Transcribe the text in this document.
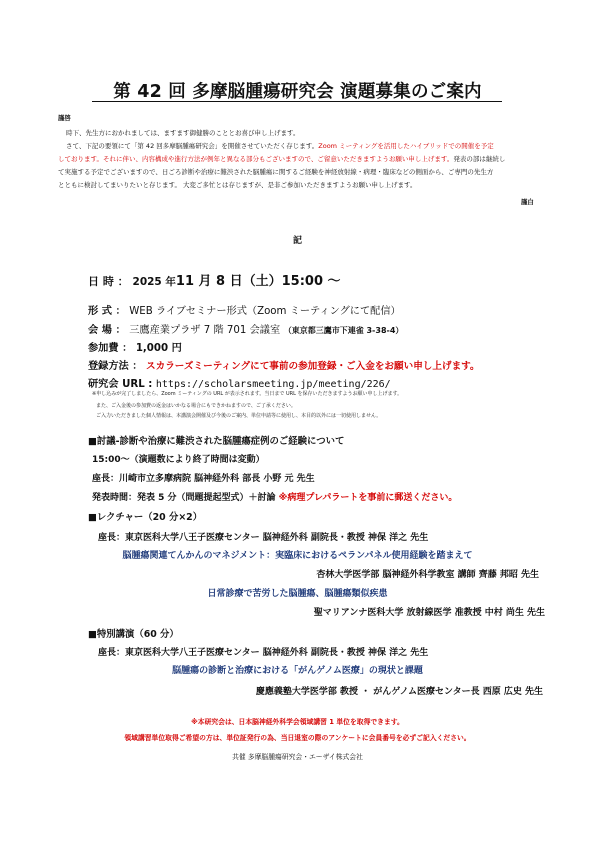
第 42 回 多摩脳腫瘍研究会 演題募集のご案内
謹啓
時下、先生方におかれましては、ますます御健勝のこととお喜び申し上げます。
さて、下記の要領にて「第 42 回多摩脳腫瘍研究会」を開催させていただく存じます。Zoom ミーティングを活用したハイブリッドでの開催を予定
しております。それに伴い、内容構成や進行方法が例年と異なる部分もございますので、ご留意いただきますようお願い申し上げます。発表の部は継続し
て実施する予定でございますので、日ごろ診断や治療に難渋された脳腫瘍に関するご経験を神経放射線・病理・臨床などの側面から、ご専門の先生方
とともに検討してまいりたいと存じます。 大変ご多忙とは存じますが、是非ご参加いただきますようお願い申し上げます。
謹白
記
日 時 ： 2025 年11 月 8 日（土）15:00 ～
形 式 ： WEB ライブセミナー形式（Zoom ミーティングにて配信）
会 場 ： 三鷹産業プラザ 7 階 701 会議室 （東京都三鷹市下連雀 3-38-4）
参加費 ： 1,000 円
登録方法 ： スカラーズミーティングにて事前の参加登録・ご入金をお願い申し上げます。
研究会 URL : https://scholarsmeeting.jp/meeting/226/
※申し込みが完了しましたら、Zoom ミーティングの URL が表示されます。当日まで URL を保存いただきますようお願い申し上げます。
また、ご入金後の参加費の返金はいかなる場合にもできかねますので、ご了承ください。
ご入力いただきました個人情報は、本講演会開催及び今後のご案内、単位申請等に使用し、本目的以外には一切使用しません。
■討議-診断や治療に難渋された脳腫瘍症例のご経験について
15:00～（演題数により終了時間は変動）
座長：川崎市立多摩病院 脳神経外科 部長 小野 元 先生
発表時間：発表 5 分（問題提起型式）＋討論 ※病理プレパラートを事前に郵送ください。
■レクチャー（20 分×2）
座長：東京医科大学八王子医療センター 脳神経外科 副院長・教授 神保 洋之 先生
脳腫瘍関連てんかんのマネジメント：実臨床におけるペランパネル使用経験を踏まえて
杏林大学医学部 脳神経外科学教室 講師 齊藤 邦昭 先生
日常診療で苦労した脳腫瘍、脳腫瘍類似疾患
聖マリアンナ医科大学 放射線医学 准教授 中村 尚生 先生
■特別講演（60 分）
座長：東京医科大学八王子医療センター 脳神経外科 副院長・教授 神保 洋之 先生
脳腫瘍の診断と治療における「がんゲノム医療」の現状と課題
慶應義塾大学医学部 教授 ・ がんゲノム医療センター長 西原 広史 先生
※本研究会は、日本脳神経外科学会領域講習 1 単位を取得できます。
領域講習単位取得ご希望の方は、単位証発行の為、当日退室の際のアンケートに会員番号を必ずご記入ください。
共催 多摩脳腫瘍研究会・エーザイ株式会社
